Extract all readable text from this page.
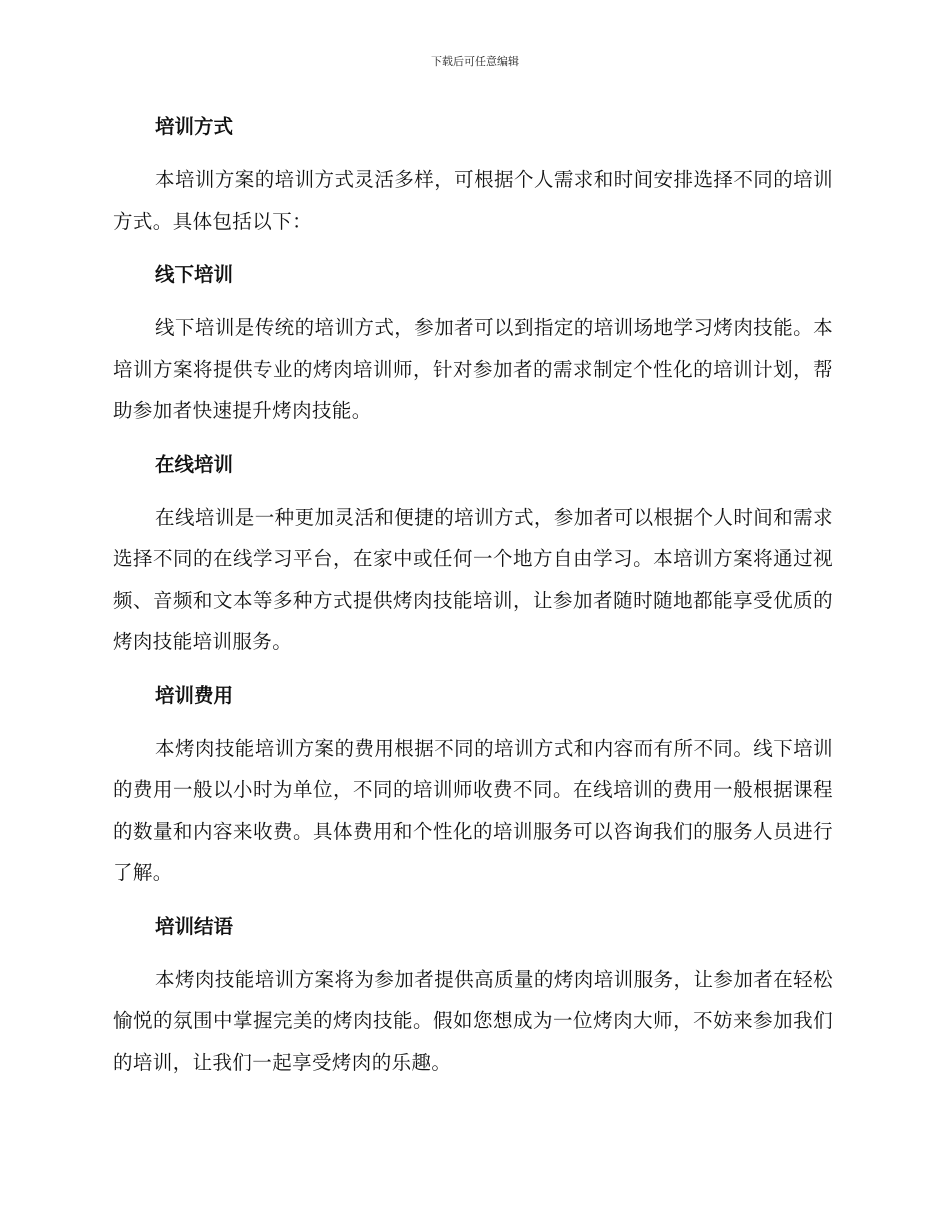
下载后可任意编辑
培训方式

本培训方案的培训方式灵活多样，可根据个人需求和时间安排选择不同的培训方式。具体包括以下：

线下培训

线下培训是传统的培训方式，参加者可以到指定的培训场地学习烤肉技能。本培训方案将提供专业的烤肉培训师，针对参加者的需求制定个性化的培训计划，帮助参加者快速提升烤肉技能。

在线培训

在线培训是一种更加灵活和便捷的培训方式，参加者可以根据个人时间和需求选择不同的在线学习平台，在家中或任何一个地方自由学习。本培训方案将通过视频、音频和文本等多种方式提供烤肉技能培训，让参加者随时随地都能享受优质的烤肉技能培训服务。

培训费用

本烤肉技能培训方案的费用根据不同的培训方式和内容而有所不同。线下培训的费用一般以小时为单位，不同的培训师收费不同。在线培训的费用一般根据课程的数量和内容来收费。具体费用和个性化的培训服务可以咨询我们的服务人员进行了解。

培训结语

本烤肉技能培训方案将为参加者提供高质量的烤肉培训服务，让参加者在轻松愉悦的氛围中掌握完美的烤肉技能。假如您想成为一位烤肉大师，不妨来参加我们的培训，让我们一起享受烤肉的乐趣。
